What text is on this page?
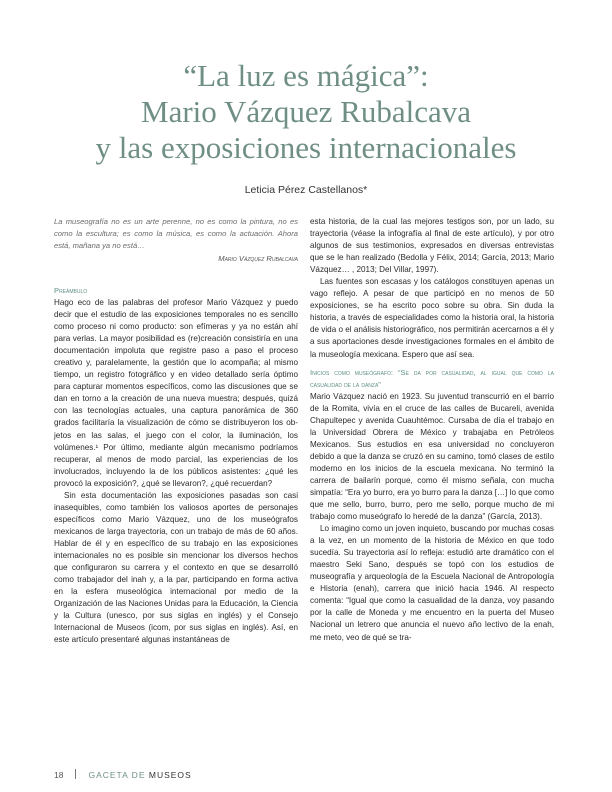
“La luz es mágica”:
Mario Vázquez Rubalcava
y las exposiciones internacionales
Leticia Pérez Castellanos*

La museografía no es un arte perenne, no es como la pintura, no es como la escultura; es como la música, es como la actuación. Ahora está, mañana ya no está…

Mario Vázquez Rubalcava

Preámbulo

Hago eco de las palabras del profesor Mario Vázquez y puedo decir que el estudio de las exposiciones temporales no es sencillo como proceso ni como producto: son efímeras y ya no están ahí para verlas. La mayor posibilidad es (re)creación consistiría en una documentación impoluta que registre paso a paso el proceso creativo y, paralelamente, la gestión que lo acompaña; al mismo tiempo, un registro fotográfico y en video detallado sería óptimo para capturar momentos específicos, como las discusiones que se dan en torno a la creación de una nueva muestra; después, quizá con las tecnologías actuales, una captura panorámica de 360 grados facilitaría la visualización de cómo se distribuyeron los objetos en las salas, el juego con el color, la iluminación, los volúmenes.¹ Por último, mediante algún mecanismo podríamos recuperar, al menos de modo parcial, las experiencias de los involucrados, incluyendo la de los públicos asistentes: ¿qué les provocó la exposición?, ¿qué se llevaron?, ¿qué recuerdan?

Sin esta documentación las exposiciones pasadas son casi inasequibles, como también los valiosos aportes de personajes específicos como Mario Vázquez, uno de los museógrafos mexicanos de larga trayectoria, con un trabajo de más de 60 años. Hablar de él y en específico de su trabajo en las exposiciones internacionales no es posible sin mencionar los diversos hechos que configuraron su carrera y el contexto en que se desarrolló como trabajador del inah y, a la par, participando en forma activa en la esfera museológica internacional por medio de la Organización de las Naciones Unidas para la Educación, la Ciencia y la Cultura (unesco, por sus siglas en inglés) y el Consejo Internacional de Museos (icom, por sus siglas en inglés). Así, en este artículo presentaré algunas instantáneas de

esta historia, de la cual las mejores testigos son, por un lado, su trayectoria (véase la infografía al final de este artículo), y por otro algunos de sus testimonios, expresados en diversas entrevistas que se le han realizado (Bedolla y Félix, 2014; García, 2013; Mario Vázquez… , 2013; Del Villar, 1997).

Las fuentes son escasas y los catálogos constituyen apenas un vago reflejo. A pesar de que participó en no menos de 50 exposiciones, se ha escrito poco sobre su obra. Sin duda la historia, a través de especialidades como la historia oral, la historia de vida o el análisis historiográfico, nos permitirán acercarnos a él y a sus aportaciones desde investigaciones formales en el ámbito de la museología mexicana. Espero que así sea.

Inicios como museógrafo: “Se da por casualidad, al igual que como la casualidad de la danza”

Mario Vázquez nació en 1923. Su juventud transcurrió en el barrio de la Romita, vivía en el cruce de las calles de Bucareli, avenida Chapultepec y avenida Cuauhtémoc. Cursaba de día el trabajo en la Universidad Obrera de México y trabajaba en Petróleos Mexicanos. Sus estudios en esa universidad no concluyeron debido a que la danza se cruzó en su camino, tomó clases de estilo moderno en los inicios de la escuela mexicana. No terminó la carrera de bailarín porque, como él mismo señala, con mucha simpatía: “Era yo burro, era yo burro para la danza […] lo que como que me sello, burro, burro, pero me sello, porque mucho de mi trabajo como museógrafo lo heredé de la danza” (García, 2013).

Lo imagino como un joven inquieto, buscando por muchas cosas a la vez, en un momento de la historia de México en que todo sucedía. Su trayectoria así lo refleja: estudió arte dramático con el maestro Seki Sano, después se topó con los estudios de museografía y arqueología de la Escuela Nacional de Antropología e Historia (enah), carrera que inició hacia 1946. Al respecto comenta: “Igual que como la casualidad de la danza, voy pasando por la calle de Moneda y me encuentro en la puerta del Museo Nacional un letrero que anuncia el nuevo año lectivo de la enah, me meto, veo de qué se tra-

18	GACETA DE MUSEOS
